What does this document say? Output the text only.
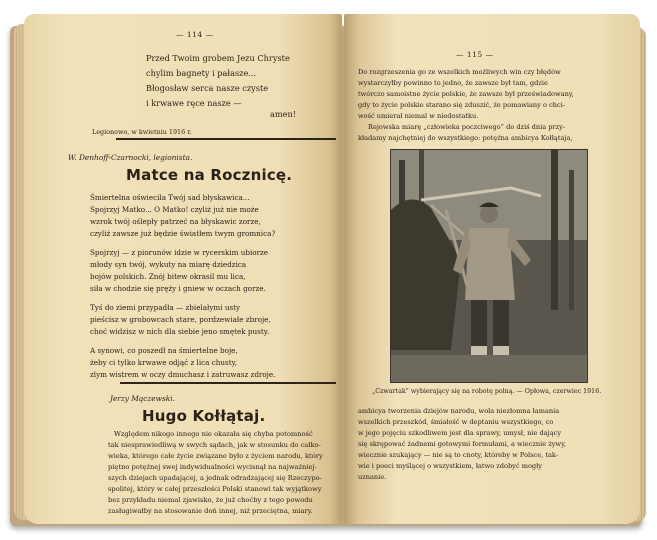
— 114 —
Przed Twoim grobem Jezu Chryste
chylim bagnety i pałasze...
Błogosław serca nasze czyste
i krwawe ręce nasze —
amen!
Legionowo, w kwietniu 1916 r.
W. Denhoff-Czarnocki, legionista.
Matce na Rocznicę.
Śmiertelna oświecila Twój sad błyskawica...
Spojrzyj Matko... O Matko! czyliż już nie może
wzrok twój oślepły patrzeć na błyskawic zorze,
czyliż zawsze już będzie światłem twym gromnica?
Spojrzyj — z piorunów idzie w rycerskim ubiorze
młody syn twój, wykuty na miarę dziedzica
bojów polskich. Znój bitew okrasil mu lica,
siła w chodzie się pręży i gniew w oczach gorze.
Tyś do ziemi przypadła — zbielałymi usty
pieścisz w grobowcach stare, pordzewiałe zbroje,
choć widzisz w nich dla siebie jeno smętek pusty.
A synowi, co poszedł na śmiertelne boje,
żeby ci tylko krwawe odjąć z lica chusty,
zlym wistrem w oczy dmuchasz i zatruwasz zdroje.
Jerzy Mączewski.
Hugo Kołłątaj.
Względem nikogo innego nie okazała się chyba potomność
tak niesprawiedliwą w swych sądach, jak w stosunku do całko-
wieka, którego całe życie związane było z życiem narodu, który
piętno potężnej swej indywidualności wycisnął na najważniej-
szych dziejach upadającej, a jednak odradzającej się Rzeczypo-
spolitej, który w całej przeszłości Polski stanowi tak wyjątkowy
bez przykładu niemal zjawisko, że już choćby z tego powodu
zasługiwałby na stosowanie doń innej, niż przeciętna, miary.
— 115 —
Do rozgrzeszenia go ze wszelkich możliwych win czy błędów
wystarczyłby powinno to jedno, że zawsze był tam, gdzie
twórczo samoistne życie polskie, że zawsze był przeświadowany,
gdy to życie polskie starano się zduszić, że pomawiany o chci-
wość umierał niemal w niedostatku.
Rejowska miarę „człowieka poczciwego” do dziś dnia przy-
kładamy najchętniej do wszystkiego: potężna ambicya Kołłątaja,
„Czwartak” wybierający się na robotę polną. — Opłowa, czerwiec 1916.
ambicya tworzenia dziejów narodu, wola niezłomna łamania
wszelkich przeszkód, śmiałość w deptaniu wszystkiego, co
w jego pojęciu szkodliwem jest dla sprawy, umysł, nie dający
się skrępować żadnemi gotowymi formułami, a wiecznie żywy,
wiecznie szukający — nie są to cnoty, któreby w Polsce, tak-
wie i poeci myślącej o wszystkiem, łatwo zdobyć mogły
uznanie.
